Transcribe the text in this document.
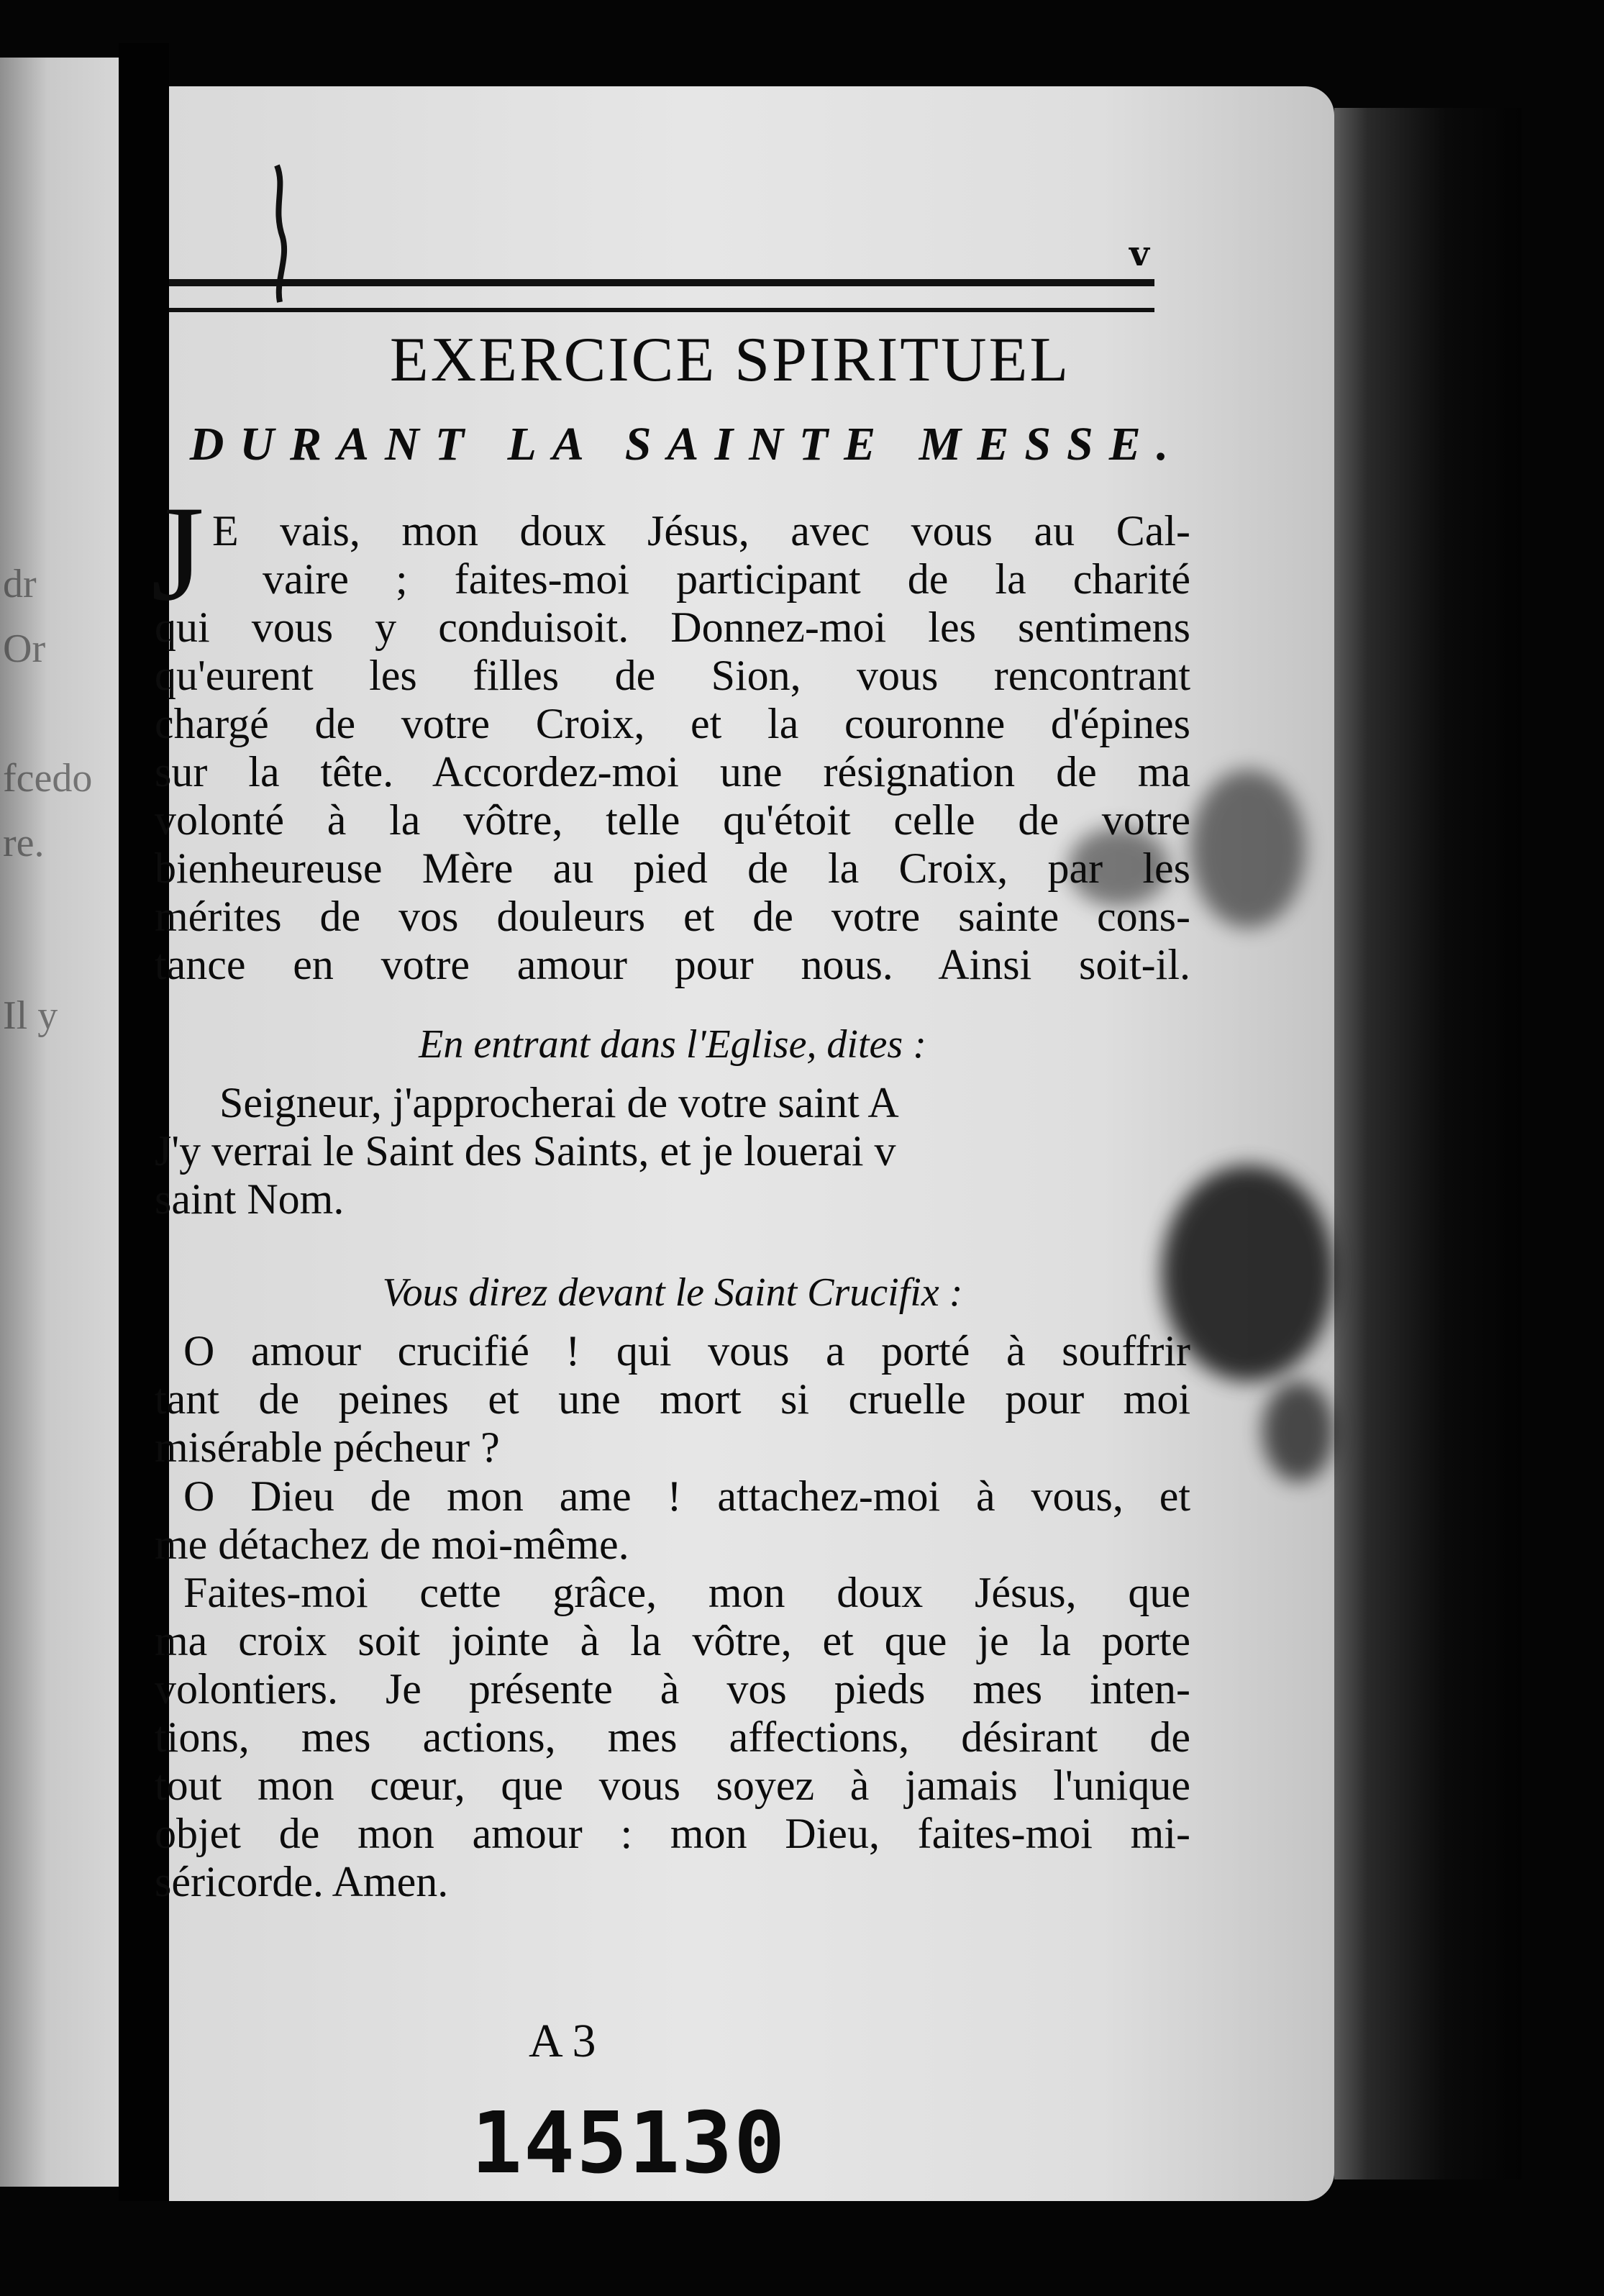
dr
Or
fcedo
re.
Il y
v
EXERCICE SPIRITUEL
DURANT LA SAINTE MESSE.
J E vais, mon doux Jésus, avec vous au Cal-
vaire ; faites-moi participant de la charité
qui vous y conduisoit. Donnez-moi les sentimens
qu'eurent les filles de Sion, vous rencontrant
chargé de votre Croix, et la couronne d'épines
sur la tête. Accordez-moi une résignation de ma
volonté à la vôtre, telle qu'étoit celle de votre
bienheureuse Mère au pied de la Croix, par les
mérites de vos douleurs et de votre sainte cons-
tance en votre amour pour nous. Ainsi soit-il.
En entrant dans l'Eglise, dites :
Seigneur, j'approcherai de votre saint A
J'y verrai le Saint des Saints, et je louerai v
saint Nom.
Vous direz devant le Saint Crucifix :
O amour crucifié ! qui vous a porté à souffrir
tant de peines et une mort si cruelle pour moi
misérable pécheur ?
O Dieu de mon ame ! attachez-moi à vous, et
me détachez de moi-même.
Faites-moi cette grâce, mon doux Jésus, que
ma croix soit jointe à la vôtre, et que je la porte
volontiers. Je présente à vos pieds mes inten-
tions, mes actions, mes affections, désirant de
tout mon cœur, que vous soyez à jamais l'unique
objet de mon amour : mon Dieu, faites-moi mi-
séricorde. Amen.
A 3
145130
